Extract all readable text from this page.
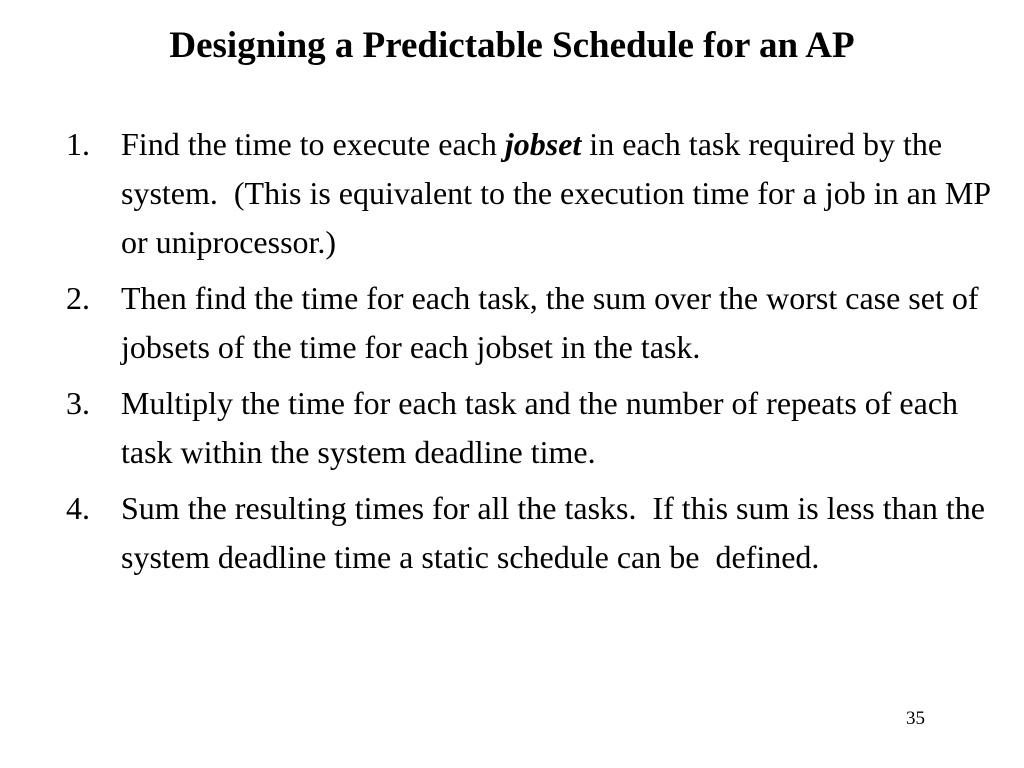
Designing a Predictable Schedule for an AP
1. Find the time to execute each jobset in each task required by the system.  (This is equivalent to the execution time for a job in an MP or uniprocessor.)
2. Then find the time for each task, the sum over the worst case set of jobsets of the time for each jobset in the task.
3. Multiply the time for each task and the number of repeats of each task within the system deadline time.
4. Sum the resulting times for all the tasks.  If this sum is less than the system deadline time a static schedule can be  defined.
35
